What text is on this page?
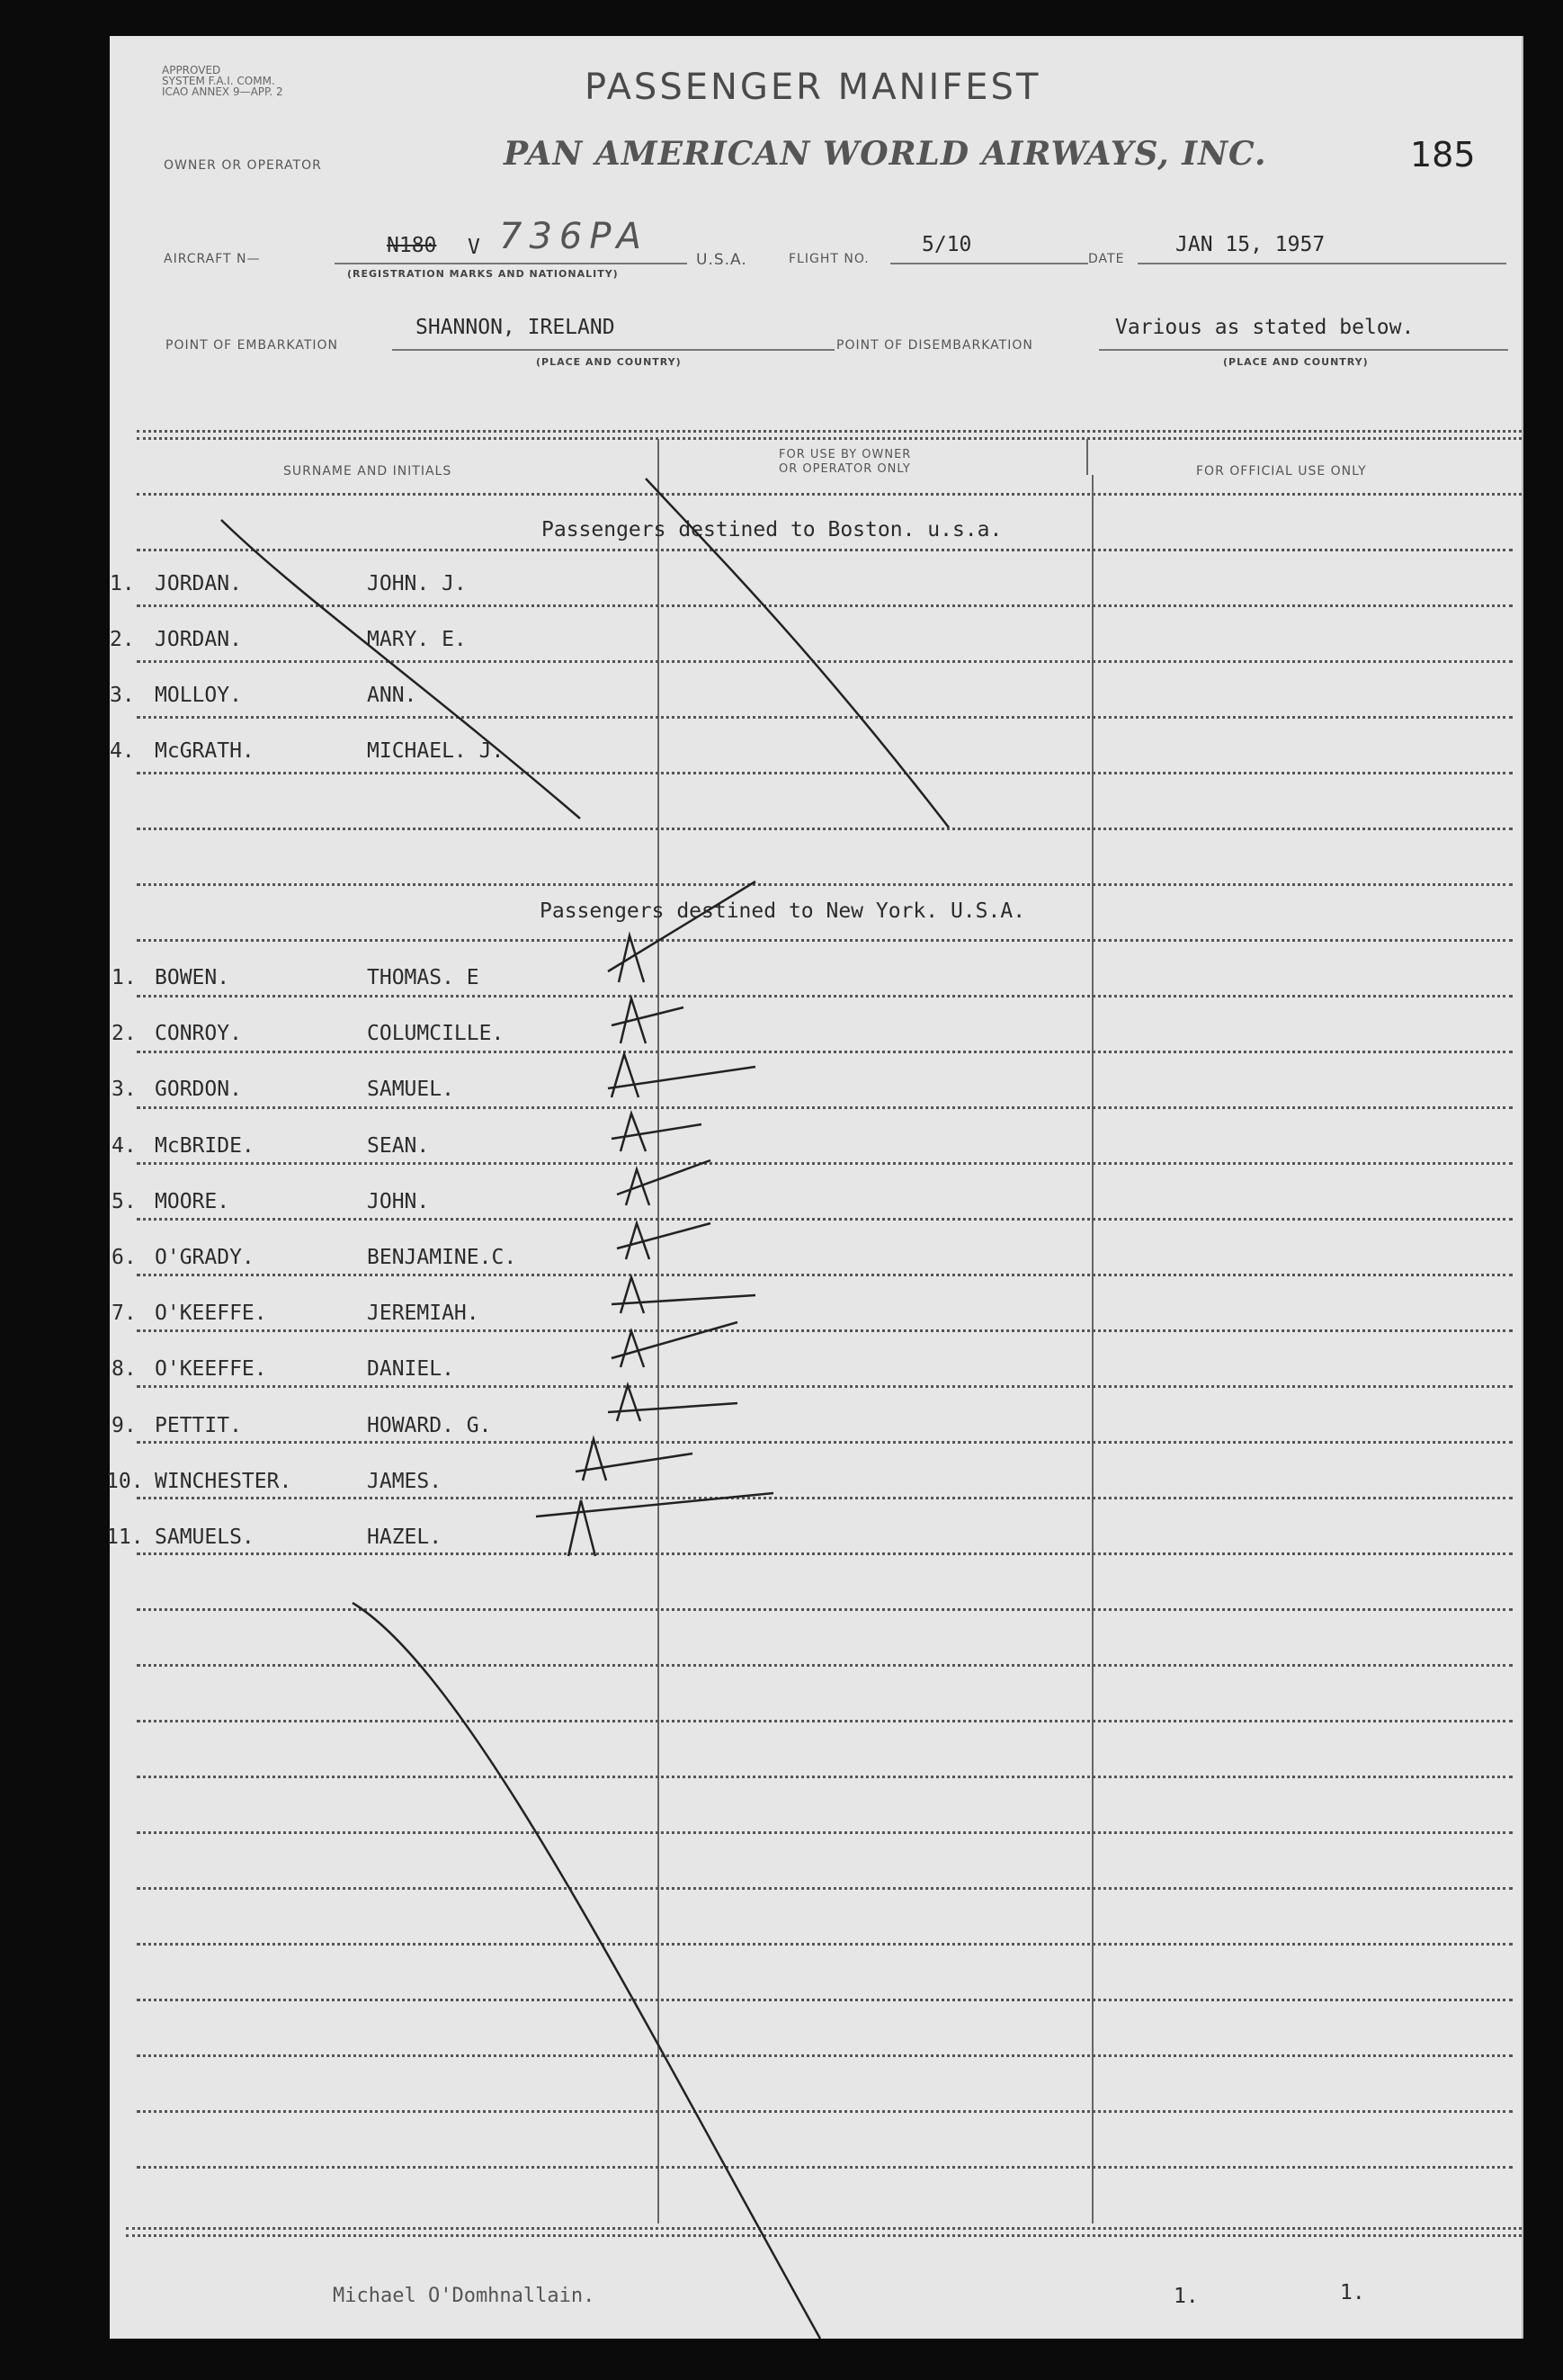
APPROVED
SYSTEM F.A.I. COMM.
ICAO ANNEX 9—APP. 2	PASSENGER MANIFEST
185
OWNER OR OPERATOR	PAN AMERICAN WORLD AIRWAYS, INC.
AIRCRAFT N—
N180 V 736PA
(REGISTRATION MARKS AND NATIONALITY)
U.S.A.	FLIGHT NO.
5/10
DATE
JAN 15, 1957
POINT OF EMBARKATION
SHANNON, IRELAND
(PLACE AND COUNTRY)
POINT OF DISEMBARKATION
Various as stated below.
(PLACE AND COUNTRY)
SURNAME AND INITIALS
FOR USE BY OWNER
OR OPERATOR ONLY	FOR OFFICIAL USE ONLY
Passengers destined to Boston. u.s.a.
1. JORDAN.	JOHN. J.
2. JORDAN.	MARY. E.
3. MOLLOY.	ANN.
4. McGRATH.	MICHAEL. J.
Passengers destined to New York. U.S.A.
1. BOWEN.	THOMAS. E
2. CONROY.	COLUMCILLE.
3. GORDON.	SAMUEL.
4. McBRIDE.	SEAN.
5. MOORE.	JOHN.
6. O'GRADY.	BENJAMINE.C.
7. O'KEEFFE.	JEREMIAH.
8. O'KEEFFE.	DANIEL.
9. PETTIT.	HOWARD. G.
10. WINCHESTER.	JAMES.
11. SAMUELS.	HAZEL.
Michael O'Domhnallain.	1.	1.
